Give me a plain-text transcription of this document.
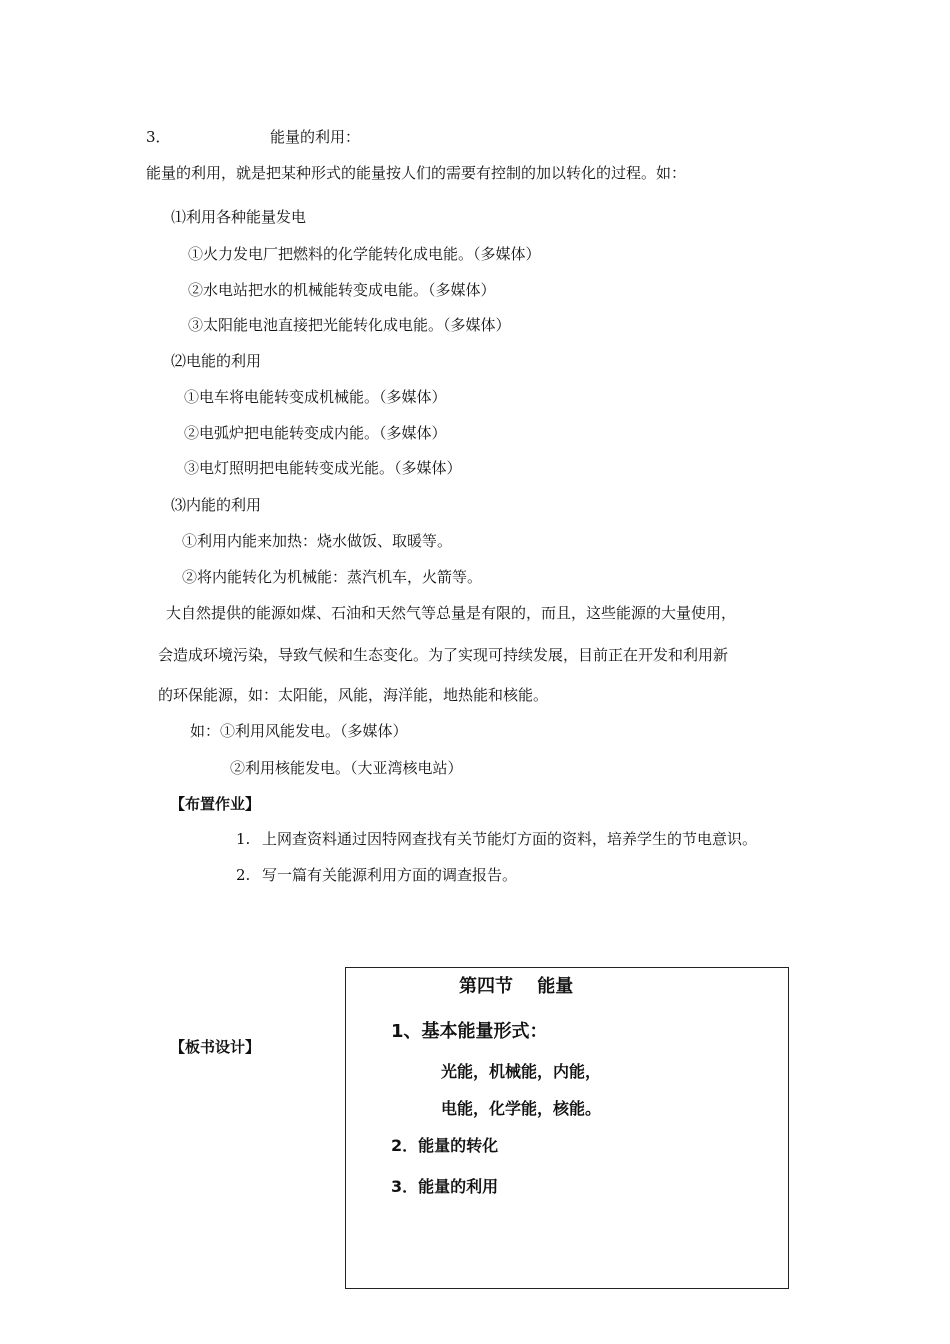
3．	能量的利用：
能量的利用，就是把某种形式的能量按人们的需要有控制的加以转化的过程。如：
⑴利用各种能量发电
①火力发电厂把燃料的化学能转化成电能。（多媒体）
②水电站把水的机械能转变成电能。（多媒体）
③太阳能电池直接把光能转化成电能。（多媒体）
⑵电能的利用
①电车将电能转变成机械能。（多媒体）
②电弧炉把电能转变成内能。（多媒体）
③电灯照明把电能转变成光能。（多媒体）
⑶内能的利用
①利用内能来加热：烧水做饭、取暖等。
②将内能转化为机械能：蒸汽机车，火箭等。
大自然提供的能源如煤、石油和天然气等总量是有限的，而且，这些能源的大量使用，
会造成环境污染，导致气候和生态变化。为了实现可持续发展，目前正在开发和利用新
的环保能源，如：太阳能，风能，海洋能，地热能和核能。
如：①利用风能发电。（多媒体）
②利用核能发电。（大亚湾核电站）
【布置作业】
1. 上网查资料通过因特网查找有关节能灯方面的资料，培养学生的节电意识。
2. 写一篇有关能源利用方面的调查报告。
【板书设计】
第四节　 能量
1、基本能量形式：
光能，机械能，内能，
电能，化学能，核能。
2．能量的转化
3．能量的利用
